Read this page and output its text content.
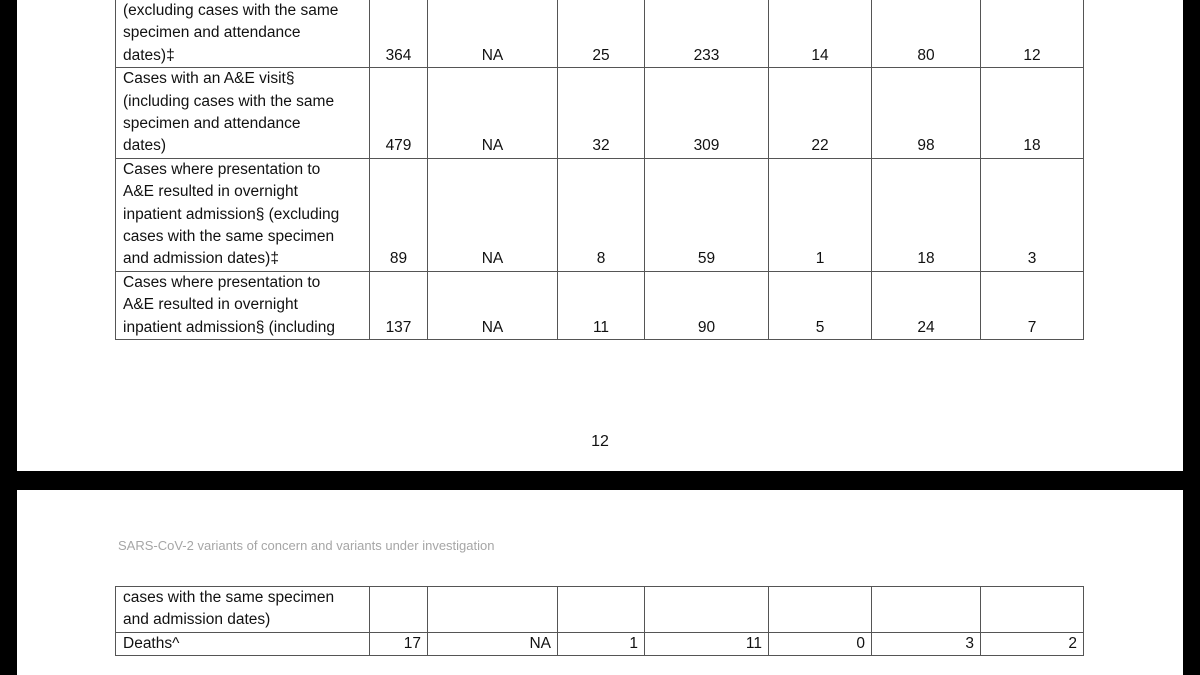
(excluding cases with the same
specimen and attendance
dates)‡	364	NA	25	233	14	80	12

Cases with an A&E visit§
(including cases with the same
specimen and attendance
dates)	479	NA	32	309	22	98	18

Cases where presentation to
A&E resulted in overnight
inpatient admission§ (excluding
cases with the same specimen
and admission dates)‡	89	NA	8	59	1	18	3

Cases where presentation to
A&E resulted in overnight
inpatient admission§ (including	137	NA	11	90	5	24	7
12
SARS-CoV-2 variants of concern and variants under investigation
cases with the same specimen
and admission dates)							

Deaths^	17	NA	1	11	0	3	2
